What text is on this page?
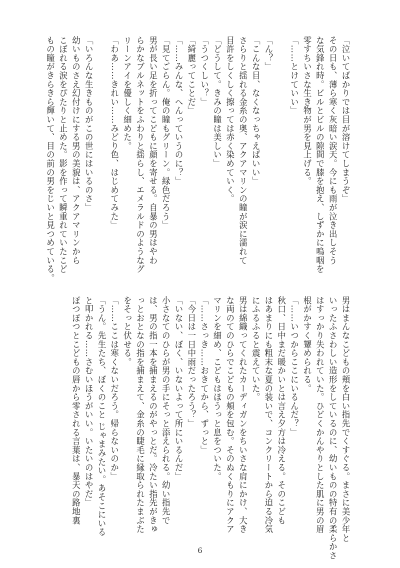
「泣いてばかりでは目が溶けてしまうぞ」
その日も、薄ら寒く灰暗い涙天。今にも雨が泣き出しそう
な気鋒れ時。ビルとビルの隙間で膝を抱え、しずかに嗚咽を
零すちいさな生き物が男を見上げる。
「……とけていい」

「ん？」
「こんな目、なくなっちゃえばいい」
さらりと揺れる金糸の奥、アクアマリンの瞳が涙に濡れて
目許をしくしく擦っては赤く染めていく。
「どうして。きみの瞳は美しい」
「うつくしい？」
「綺麗ってことだ」
「……みんな、へんっていうのに？」
「見てごらん。俺の瞳もグリーン。緑色だろう」
男が長い足を折ってこどもに顔を寄せる。自暴の男はやわ
らかなブルネットをふわりと揺らし、エメラルドのようなグ
リーンアイを優しく細めた。
「わあ……きれい……みどり色、はじめてみた」

「いろんな生きものがこの世にはいるのさ」
幼いものさえ幻付けにする男の美貌は、アクアマリンから
こぼれる涙をぴたりと止めた。影を作って瞬重れていたこど
もの瞳がきらきら輝いて、目の前の男をじいと見つめている。
男はまんなこどもの頬を白い指先でくすぐる。まさに美少年と
いったふさわしい造形をしているのに、幼いものの特有の柔らかさ
はすっかり失われていた。ひどくかんやりとした肌に男の眉
根がかすく顰められる。
「……いつからここにいるんだ？」
秋口、日中まだ暖かいとは言え夕方は冷える。そのこども
はあまりにも粗末な夏の装いで、コンクリートから迫る冷気
にふるふると震えていた。
男は綿織ってくれたカーディガンをちいさな肩にかけ、大き
な両のてのひらでこどもの頬を包む。そのぬくもりにアクア
マリンを細め、こどもはほうっと息をついた。
「……さっき……おきてから、ずっと」
「今日は一日中雨だったろう？」
「いない、ぼく、いないよって所にいるんだ」
小さなてのひらが男の手にそっと添えられる。幼い指先で
は、男の指一本を捕まえるのがやっとだ。冷たい指先がきゅ
っとおとなの指を捕まえて、金糸の睫毛に縁取られたまぶた
をそっと伏せる。
「……ここは寒くないだろう。帰らないのか」
「うん。先生たち、ぼくのこと じゃまみたい。あそこにいる
と叩かれる……さむいほうがいい。いたいのはやだ」
ぽつぽつとこどもの唇から零される言葉は、暴天の路地裏
6
